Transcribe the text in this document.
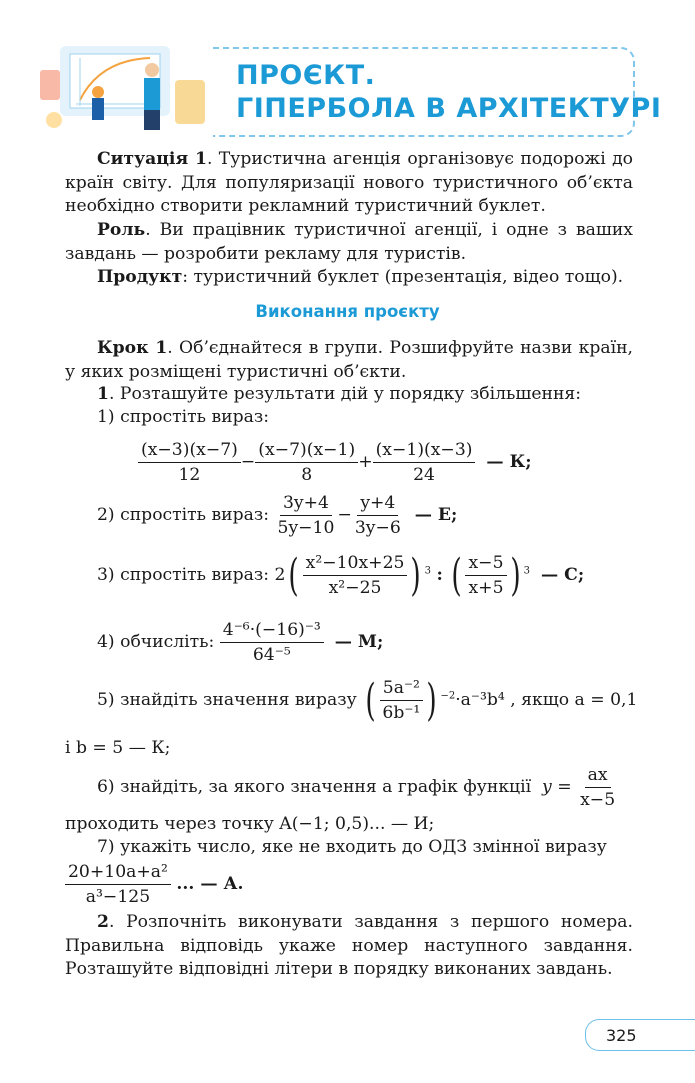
ПРОЄКТ.
ГІПЕРБОЛА В АРХІТЕКТУРІ
Ситуація 1. Туристична агенція організовує подорожі до країн світу. Для популяризації нового туристичного об’єкта необхідно створити рекламний туристичний буклет.
Роль. Ви працівник туристичної агенції, і одне з ваших завдань — розробити рекламу для туристів.
Продукт: туристичний буклет (презентація, відео тощо).
Виконання проєкту
Крок 1. Об’єднайтеся в групи. Розшифруйте назви країн, у яких розміщені туристичні об’єкти.
1. Розташуйте результати дій у порядку збільшення:
1) спростіть вираз:
$\frac{(x-3)(x-7)}{12} - \frac{(x-7)(x-1)}{8} + \frac{(x-1)(x-3)}{24}$ — К;
2) спростіть вираз: $\frac{3y+4}{5y-10} - \frac{y+4}{3y-6}$ — Е;
3) спростіть вираз: $2( \frac{\text{x²−10x+25}}{\text{x²−25}}$ ) $^3$ : ( $\frac{x-5}{x+5}$ ) $^3$ — С;
4) обчисліть: $\frac{\text{4⁻⁶·(−16)⁻³}}{\text{64⁻⁵}}$ — М;
5) знайдіть значення виразу ( $\frac{\text{5a⁻²}}{\text{6b⁻¹}}$ ) $^{-2}$·a⁻³b⁴ , якщо a = 0,1
і b = 5 — К;
6) знайдіть, за якого значення a графік функції $y = \frac{ax}{x-5}$
проходить через точку A(−1; 0,5)... — И;
7) укажіть число, яке не входить до ОДЗ змінної виразу
$\frac{\text{20+10a+a²}}{\text{a³−125}}$ ... — А.
2. Розпочніть виконувати завдання з першого номера. Правильна відповідь укаже номер наступного завдання. Розташуйте відповідні літери в порядку виконаних завдань.
325
